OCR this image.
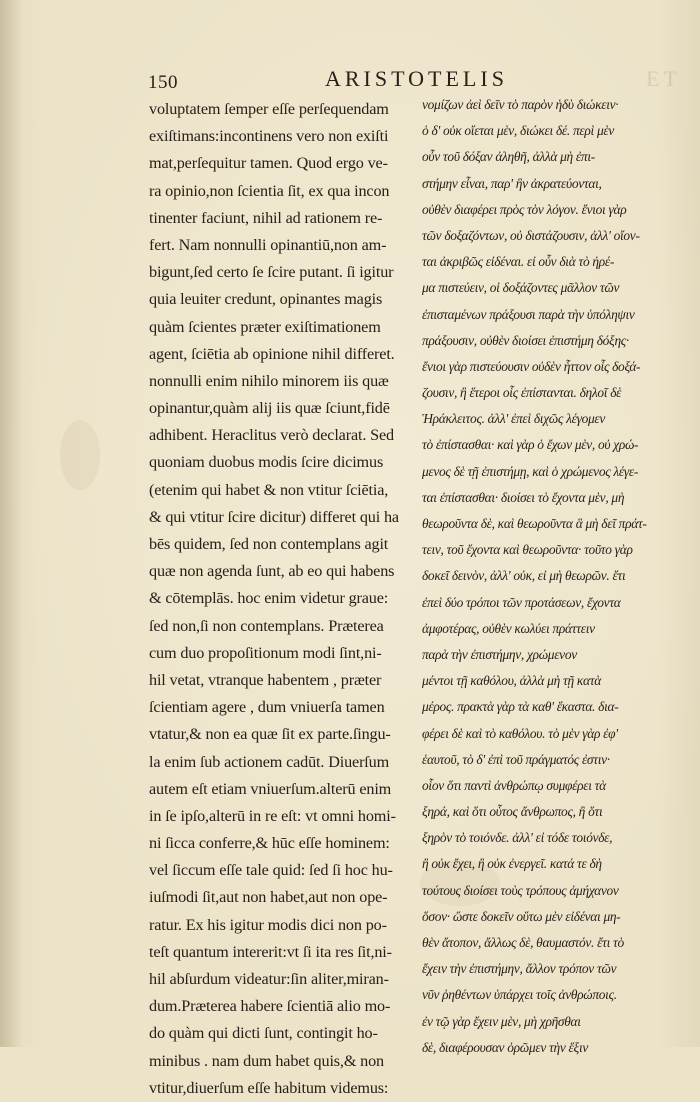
150	ARISTOTELIS	ET
voluptatem ſemper eſſe perſequendam
exiſtimans:incontinens vero non exiſti
mat,perſequitur tamen. Quod ergo ve-
ra opinio,non ſcientia ſit, ex qua incon
tinenter faciunt, nihil ad rationem re-
fert. Nam nonnulli opinantiū,non am-
bigunt,ſed certo ſe ſcire putant. ſi igitur
quia leuiter credunt, opinantes magis
quàm ſcientes præter exiſtimationem
agent, ſciētia ab opinione nihil differet.
nonnulli enim nihilo minorem iis quæ
opinantur,quàm alij iis quæ ſciunt,fidē
adhibent. Heraclitus verò declarat. Sed
quoniam duobus modis ſcire dicimus
(etenim qui habet & non vtitur ſciētia,
& qui vtitur ſcire dicitur) differet qui ha
bēs quidem, ſed non contemplans agit
quæ non agenda ſunt, ab eo qui habens
& cōtemplās. hoc enim videtur graue:
ſed non,ſi non contemplans. Præterea
cum duo propoſitionum modi ſint,ni-
hil vetat, vtranque habentem , præter
ſcientiam agere , dum vniuerſa tamen
vtatur,& non ea quæ ſit ex parte.ſingu-
la enim ſub actionem cadūt. Diuerſum
autem eſt etiam vniuerſum.alterū enim
in ſe ipſo,alterū in re eſt: vt omni homi-
ni ſicca conferre,& hūc eſſe hominem:
vel ſiccum eſſe tale quid: ſed ſi hoc hu-
iuſmodi ſit,aut non habet,aut non ope-
ratur. Ex his igitur modis dici non po-
teſt quantum intererit:vt ſi ita res ſit,ni-
hil abſurdum videatur:ſin aliter,miran-
dum.Præterea habere ſcientiā alio mo-
do quàm qui dicti ſunt, contingit ho-
minibus . nam dum habet quis,& non
vtitur,diuerſum eſſe habitum videmus:
νομίζων ἀεὶ δεῖν τὸ παρὸν ἡδὺ διώκειν·
ὁ δ' οὐκ οἴεται μὲν, διώκει δέ. περὶ μὲν
οὖν τοῦ δόξαν ἀληθῆ, ἀλλὰ μὴ ἐπι-
στήμην εἶναι, παρ' ἣν ἀκρατεύονται,
οὐθὲν διαφέρει πρὸς τὸν λόγον. ἔνιοι γὰρ
τῶν δοξαζόντων, οὐ διστάζουσιν, ἀλλ' οἴον-
ται ἀκριβῶς εἰδέναι. εἰ οὖν διὰ τὸ ἠρέ-
μα πιστεύειν, οἱ δοξάζοντες μᾶλλον τῶν
ἐπισταμένων πράξουσι παρὰ τὴν ὑπόληψιν
πράξουσιν, οὐθὲν διοίσει ἐπιστήμη δόξης·
ἔνιοι γὰρ πιστεύουσιν οὐδὲν ἧττον οἷς δοξά-
ζουσιν, ἢ ἕτεροι οἷς ἐπίστανται. δηλοῖ δὲ
Ἡράκλειτος. ἀλλ' ἐπεὶ διχῶς λέγομεν
τὸ ἐπίστασθαι· καὶ γὰρ ὁ ἔχων μὲν, οὐ χρώ-
μενος δὲ τῇ ἐπιστήμῃ, καὶ ὁ χρώμενος λέγε-
ται ἐπίστασθαι· διοίσει τὸ ἔχοντα μὲν, μὴ
θεωροῦντα δὲ, καὶ θεωροῦντα ἃ μὴ δεῖ πράτ-
τειν, τοῦ ἔχοντα καὶ θεωροῦντα· τοῦτο γὰρ
δοκεῖ δεινὸν, ἀλλ' οὐκ, εἰ μὴ θεωρῶν. ἔτι
ἐπεὶ δύο τρόποι τῶν προτάσεων, ἔχοντα
ἀμφοτέρας, οὐθὲν κωλύει πράττειν
παρὰ τὴν ἐπιστήμην, χρώμενον
μέντοι τῇ καθόλου, ἀλλὰ μὴ τῇ κατὰ
μέρος. πρακτὰ γὰρ τὰ καθ' ἕκαστα. δια-
φέρει δὲ καὶ τὸ καθόλου. τὸ μὲν γὰρ ἐφ'
ἑαυτοῦ, τὸ δ' ἐπὶ τοῦ πράγματός ἐστιν·
οἷον ὅτι παντὶ ἀνθρώπῳ συμφέρει τὰ
ξηρά, καὶ ὅτι οὗτος ἄνθρωπος, ἢ ὅτι
ξηρὸν τὸ τοιόνδε. ἀλλ' εἰ τόδε τοιόνδε,
ἢ οὐκ ἔχει, ἢ οὐκ ἐνεργεῖ. κατά τε δὴ
τούτους διοίσει τοὺς τρόπους ἀμήχανον
ὅσον· ὥστε δοκεῖν οὕτω μὲν εἰδέναι μη-
θὲν ἄτοπον, ἄλλως δὲ, θαυμαστόν. ἔτι τὸ
ἔχειν τὴν ἐπιστήμην, ἄλλον τρόπον τῶν
νῦν ῥηθέντων ὑπάρχει τοῖς ἀνθρώποις.
ἐν τῷ γὰρ ἔχειν μὲν, μὴ χρῆσθαι
δὲ, διαφέρουσαν ὁρῶμεν τὴν ἕξιν
